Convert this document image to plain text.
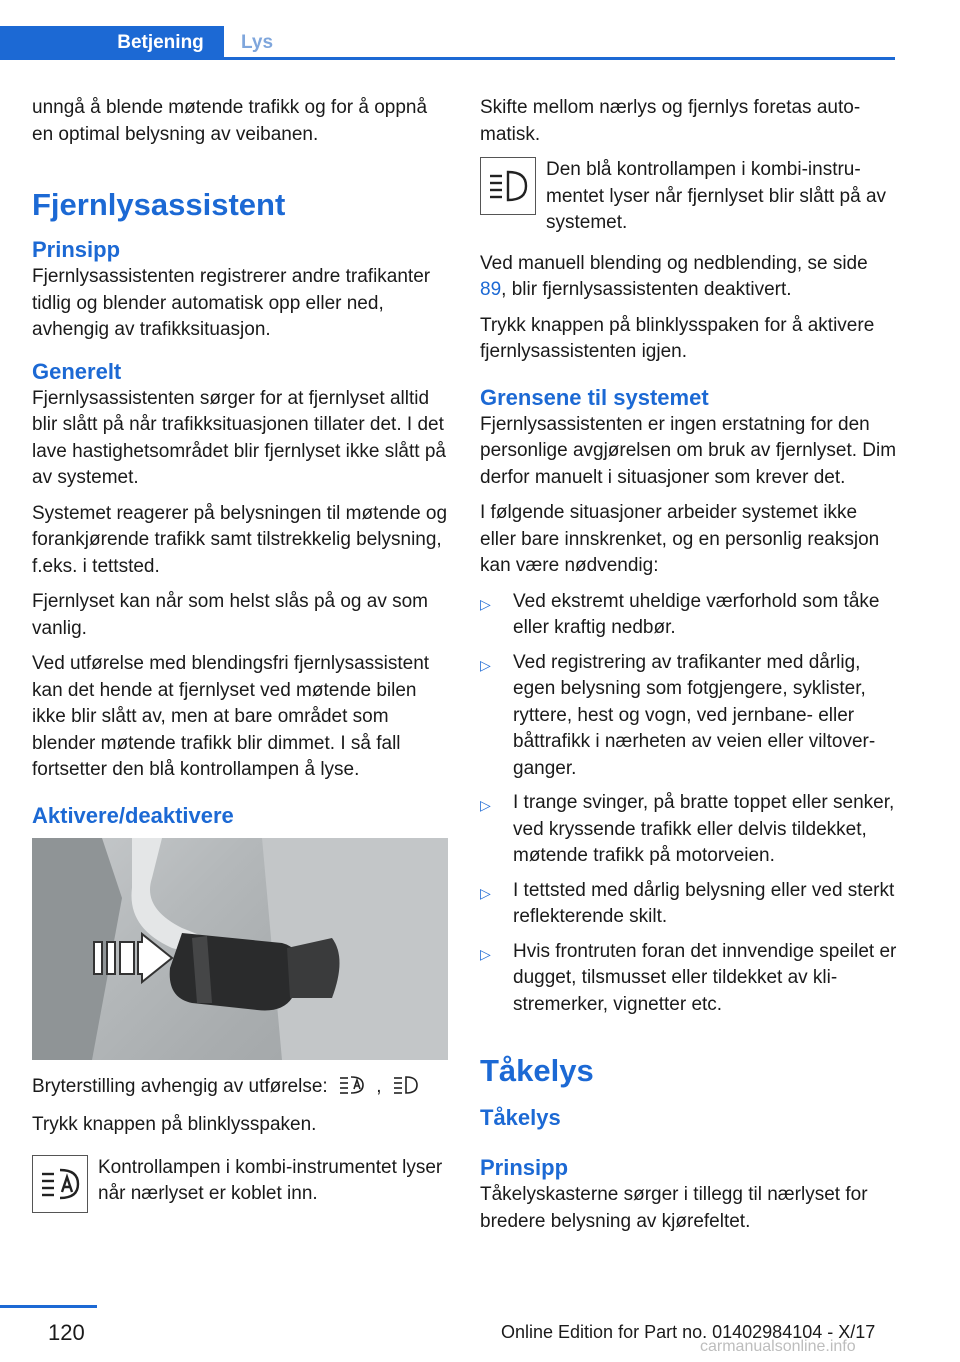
Betjening	Lys

unngå å blende møtende trafikk og for å oppnå en optimal belysning av veibanen.

Fjernlysassistent
Prinsipp

Fjernlysassistenten registrerer andre trafikanter tidlig og blender automatisk opp eller ned, avhengig av trafikksituasjon.

Generelt

Fjernlysassistenten sørger for at fjernlyset alltid blir slått på når trafikksituasjonen tillater det. I det lave hastighetsområdet blir fjernlyset ikke slått på av systemet.

Systemet reagerer på belysningen til møtende og forankjørende trafikk samt tilstrekkelig belysning, f.eks. i tettsted.

Fjernlyset kan når som helst slås på og av som vanlig.

Ved utførelse med blendingsfri fjernlysassistent kan det hende at fjernlyset ved møtende bilen ikke blir slått av, men at bare området som blender møtende trafikk blir dimmet. I så fall fortsetter den blå kontrollampen å lyse.

Aktivere/deaktivere

Bryterstilling avhengig av utførelse:	,

Trykk knappen på blinklysspaken.

Kontrollampen i kombi-instrumentet lyser når nærlyset er koblet inn.

Skifte mellom nærlys og fjernlys foretas automatisk.

Den blå kontrollampen i kombi-instrumentet lyser når fjernlyset blir slått på av systemet.

Ved manuell blending og nedblending, se side 89, blir fjernlysassistenten deaktivert.

Trykk knappen på blinklysspaken for å aktivere fjernlysassistenten igjen.

Grensene til systemet

Fjernlysassistenten er ingen erstatning for den personlige avgjørelsen om bruk av fjernlyset. Dim derfor manuelt i situasjoner som krever det.

I følgende situasjoner arbeider systemet ikke eller bare innskrenket, og en personlig reaksjon kan være nødvendig:

▷	Ved ekstremt uheldige værforhold som tåke eller kraftig nedbør.
▷	Ved registrering av trafikanter med dårlig, egen belysning som fotgjengere, syklister, ryttere, hest og vogn, ved jernbane- eller båttrafikk i nærheten av veien eller viltoverganger.
▷	I trange svinger, på bratte toppet eller senker, ved kryssende trafikk eller delvis tildekket, møtende trafikk på motorveien.
▷	I tettsted med dårlig belysning eller ved sterkt reflekterende skilt.
▷	Hvis frontruten foran det innvendige speilet er dugget, tilsmusset eller tildekket av klistremerker, vignetter etc.
Tåkelys
Tåkelys
Prinsipp

Tåkelyskasterne sørger i tillegg til nærlyset for bredere belysning av kjørefeltet.

120	Online Edition for Part no. 01402984104 - X/17
carmanualsonline.info
